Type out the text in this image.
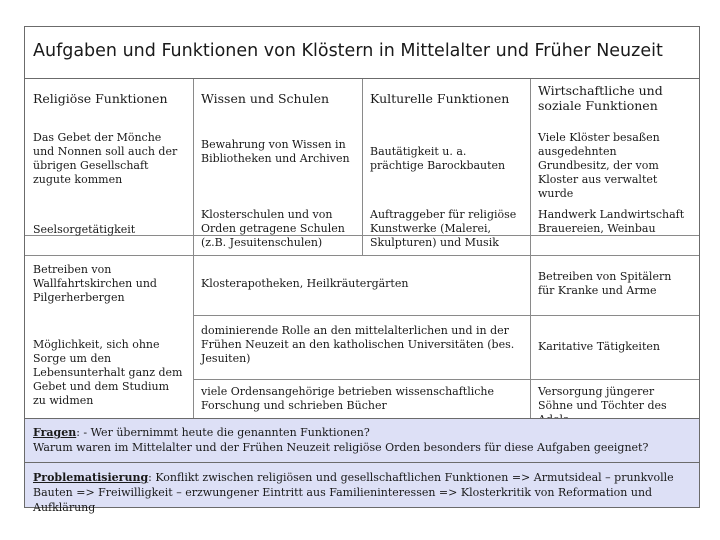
Aufgaben und Funktionen von Klöstern in Mittelalter und Früher Neuzeit
Religiöse Funktionen	Wissen und Schulen	Kulturelle Funktionen
Wirtschaftliche und soziale Funktionen
Das Gebet der Mönche und Nonnen soll auch der übrigen Gesellschaft zugute kommen
Bewahrung von Wissen in Bibliotheken und Archiven
Bautätigkeit u. a. prächtige Barockbauten
Viele Klöster besaßen ausgedehnten Grundbesitz, der vom Kloster aus verwaltet wurde
Seelsorgetätigkeit
Klosterschulen und von Orden getragene Schulen (z.B. Jesuitenschulen)
Auftraggeber für religiöse Kunstwerke (Malerei, Skulpturen) und Musik
Handwerk Landwirtschaft Brauereien, Weinbau
Betreiben von Wallfahrtskirchen und Pilgerherbergen
Klosterapotheken, Heilkräutergärten
Betreiben von Spitälern für Kranke und Arme
Möglichkeit, sich ohne Sorge um den Lebensunterhalt ganz dem Gebet und dem Studium zu widmen
dominierende Rolle an den mittelalterlichen und in der Frühen Neuzeit an den katholischen Universitäten (bes. Jesuiten)
Karitative Tätigkeiten
viele Ordensangehörige betrieben wissenschaftliche Forschung und schrieben Bücher
Versorgung jüngerer Söhne und Töchter des
Fragen: - Wer übernimmt heute die genannten Funktionen?
Warum waren im Mittelalter und der Frühen Neuzeit religiöse Orden besonders für diese Aufgaben geeignet?
Problematisierung: Konflikt zwischen religiösen und gesellschaftlichen Funktionen => Armutsideal – prunkvolle Bauten => Freiwilligkeit – erzwungener Eintritt aus Familieninteressen => Klosterkritik von Reformation und Aufklärung
